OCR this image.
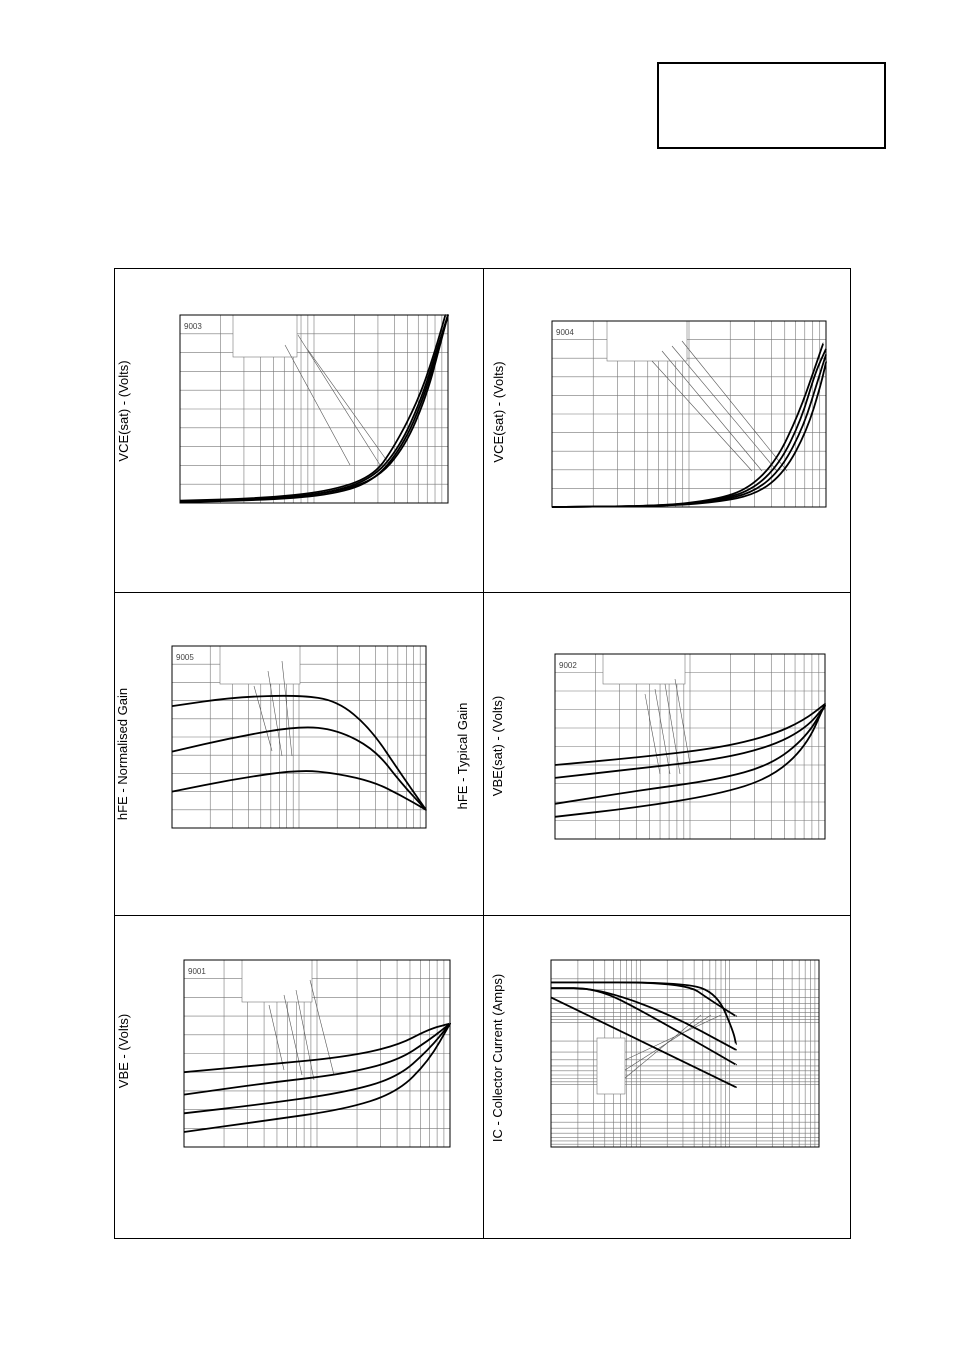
VCE(sat) - (Volts)	VCE(sat) - (Volts)
hFE - Normalised Gain	hFE - Typical Gain VBE(sat) - (Volts)
VBE - (Volts)	IC - Collector Current (Amps)
9003
9004
9005
9002
9001
